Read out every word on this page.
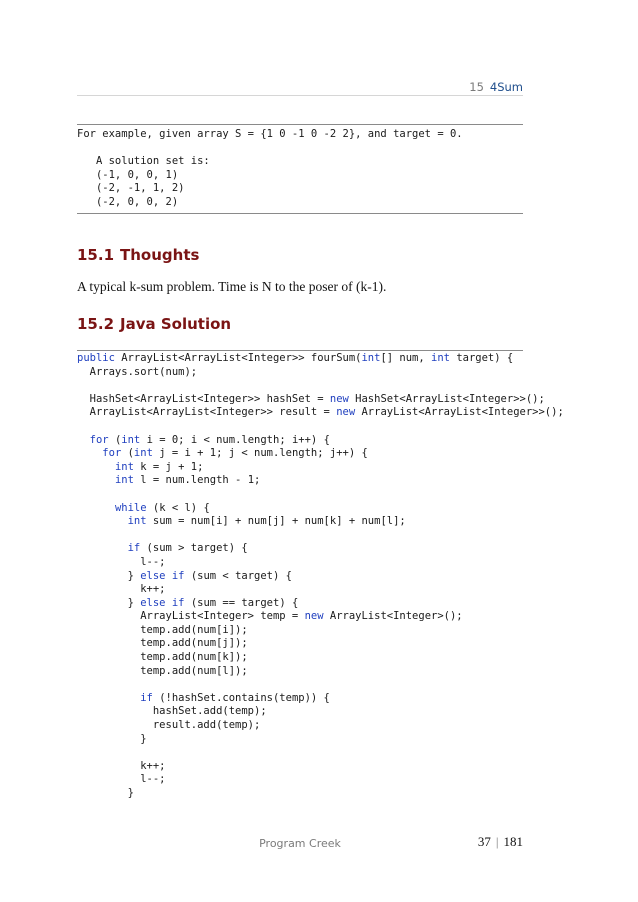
15 4Sum
For example, given array S = {1 0 -1 0 -2 2}, and target = 0.

A solution set is:
(-1, 0, 0, 1)
(-2, -1, 1, 2)
(-2, 0, 0, 2)
15.1 Thoughts

A typical k-sum problem. Time is N to the poser of (k-1).

15.2 Java Solution
public ArrayList<ArrayList<Integer>> fourSum(int[] num, int target) {
Arrays.sort(num);

HashSet<ArrayList<Integer>> hashSet = new HashSet<ArrayList<Integer>>();
ArrayList<ArrayList<Integer>> result = new ArrayList<ArrayList<Integer>>();

for (int i = 0; i < num.length; i++) {
for (int j = i + 1; j < num.length; j++) {
int k = j + 1;
int l = num.length - 1;

while (k < l) {
int sum = num[i] + num[j] + num[k] + num[l];

if (sum > target) {
l--;
} else if (sum < target) {
k++;
} else if (sum == target) {
ArrayList<Integer> temp = new ArrayList<Integer>();
temp.add(num[i]);
temp.add(num[j]);
temp.add(num[k]);
temp.add(num[l]);

if (!hashSet.contains(temp)) {
hashSet.add(temp);
result.add(temp);
}

k++;
l--;
}
Program Creek	37 | 181
